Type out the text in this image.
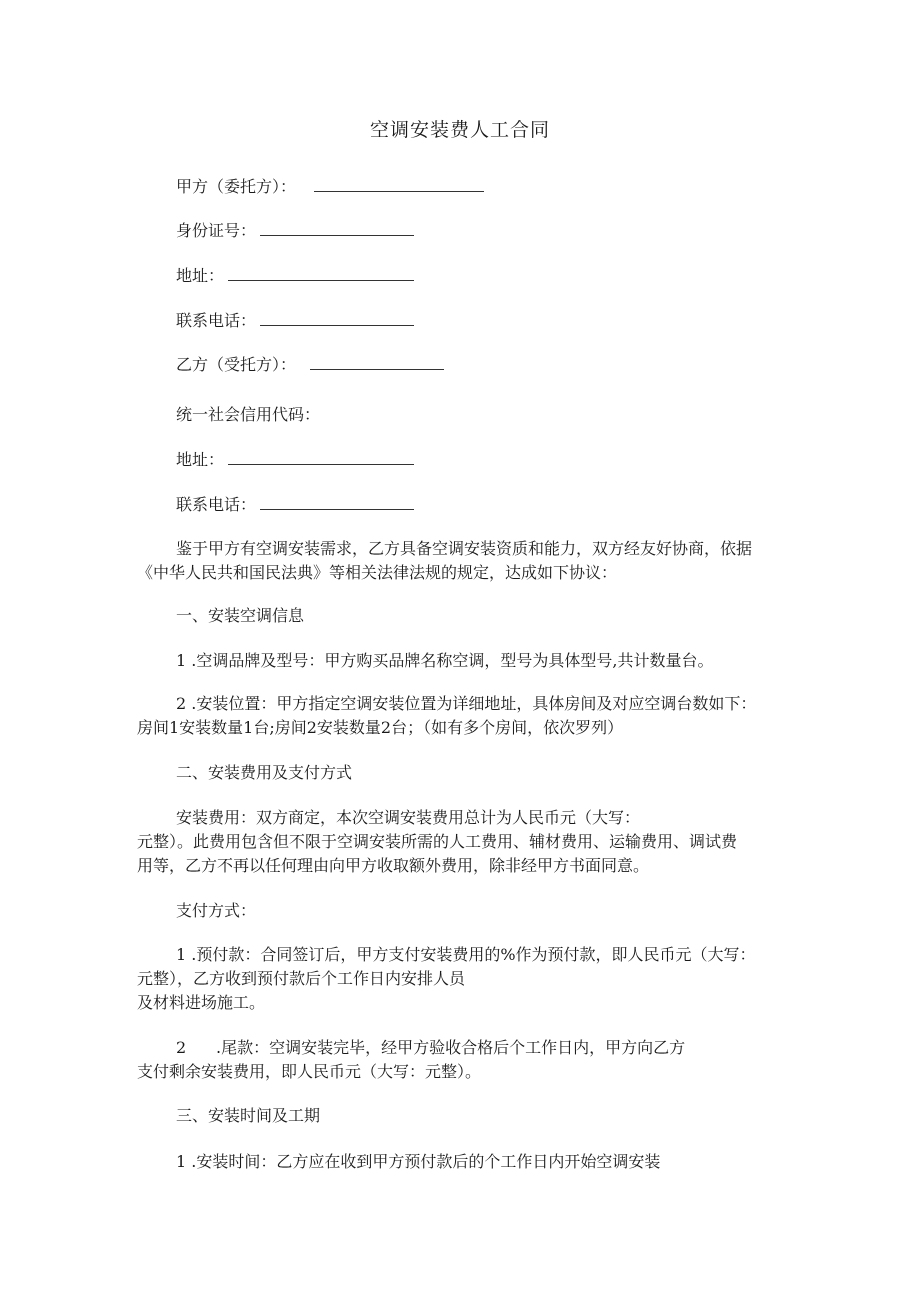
空调安装费人工合同
甲方（委托方）：
身份证号：
地址：
联系电话：
乙方（受托方）：
统一社会信用代码：
地址：
联系电话：
鉴于甲方有空调安装需求，乙方具备空调安装资质和能力，双方经友好协商，依据
《中华人民共和国民法典》等相关法律法规的规定，达成如下协议：
一、安装空调信息
1 .空调品牌及型号：甲方购买品牌名称空调，型号为具体型号,共计数量台。
2 .安装位置：甲方指定空调安装位置为详细地址，具体房间及对应空调台数如下：
房间1安装数量1台;房间2安装数量2台；（如有多个房间，依次罗列）
二、安装费用及支付方式
安装费用：双方商定，本次空调安装费用总计为人民币元（大写：
元整）。此费用包含但不限于空调安装所需的人工费用、辅材费用、运输费用、调试费
用等，乙方不再以任何理由向甲方收取额外费用，除非经甲方书面同意。
支付方式：
1 .预付款：合同签订后，甲方支付安装费用的%作为预付款，即人民币元（大写：
元整），乙方收到预付款后个工作日内安排人员
及材料进场施工。
2 .尾款：空调安装完毕，经甲方验收合格后个工作日内，甲方向乙方
支付剩余安装费用，即人民币元（大写：元整）。
三、安装时间及工期
1 .安装时间：乙方应在收到甲方预付款后的个工作日内开始空调安装
